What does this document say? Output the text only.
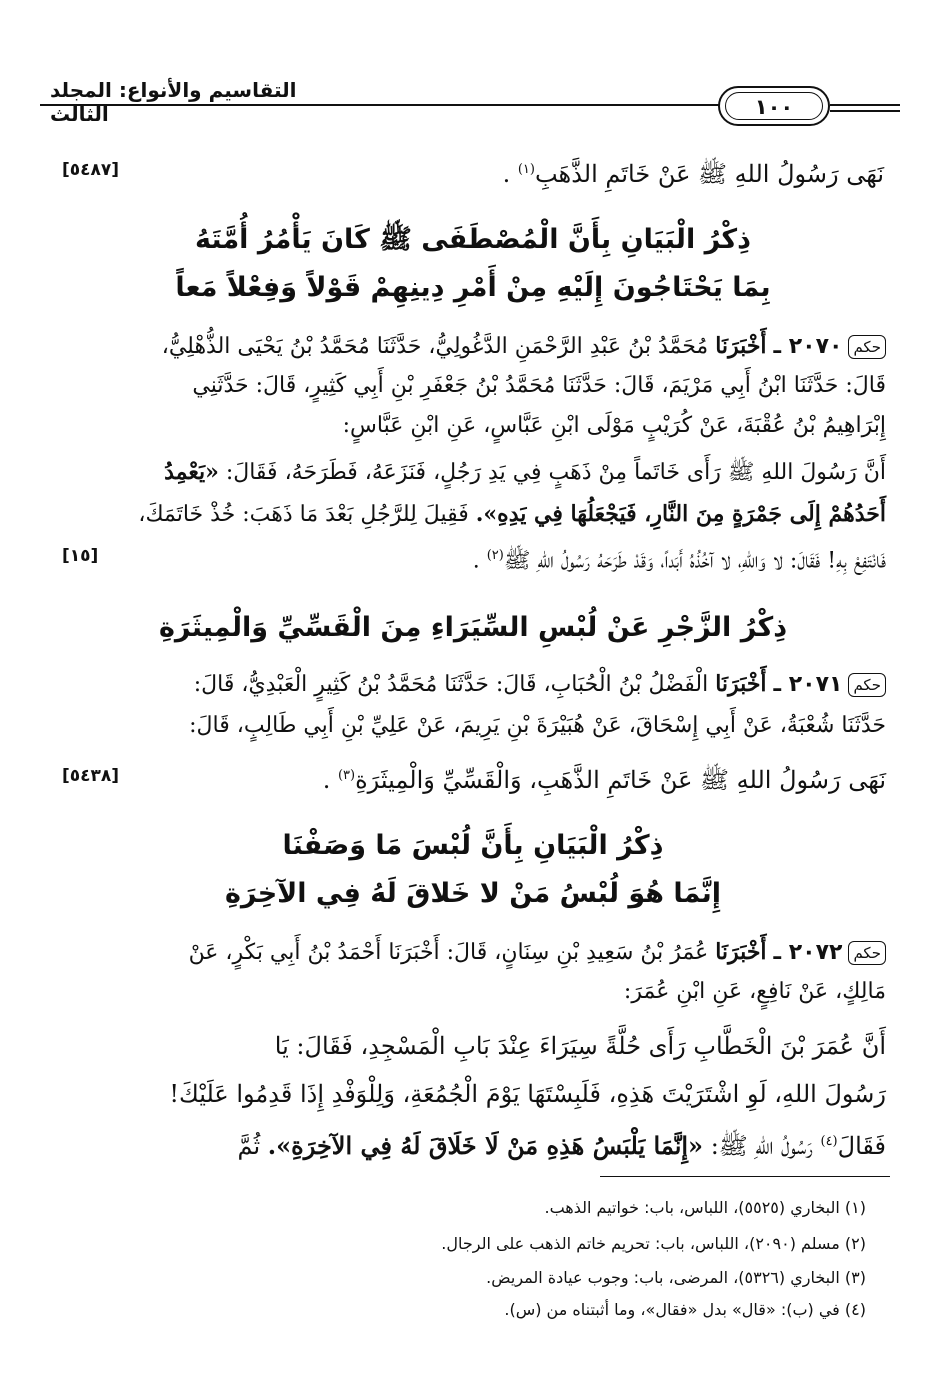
التقاسيم والأنواع: المجلد الثالث	١٠٠
نَهَى رَسُولُ اللهِ ﷺ عَنْ خَاتَمِ الذَّهَبِ$^{(١)}$ .
[٥٤٨٧]
ذِكْرُ الْبَيَانِ بِأَنَّ الْمُصْطَفَى ﷺ كَانَ يَأْمُرُ أُمَّتَهُ
بِمَا يَحْتَاجُونَ إِلَيْهِ مِنْ أَمْرِ دِينِهِمْ قَوْلاً وَفِعْلاً مَعاً
حكم٢٠٧٠ ـ أَخْبَرَنَا مُحَمَّدُ بْنُ عَبْدِ الرَّحْمَنِ الدَّغُولِيُّ، حَدَّثَنَا مُحَمَّدُ بْنُ يَحْيَى الذُّهْلِيُّ،
قَالَ: حَدَّثَنَا ابْنُ أَبِي مَرْيَمَ، قَالَ: حَدَّثَنَا مُحَمَّدُ بْنُ جَعْفَرِ بْنِ أَبِي كَثِيرٍ، قَالَ: حَدَّثَنِي
إِبْرَاهِيمُ بْنُ عُقْبَةَ، عَنْ كُرَيْبٍ مَوْلَى ابْنِ عَبَّاسٍ، عَنِ ابْنِ عَبَّاسٍ:
أَنَّ رَسُولَ اللهِ ﷺ رَأَى خَاتَماً مِنْ ذَهَبٍ فِي يَدِ رَجُلٍ، فَنَزَعَهُ، فَطَرَحَهُ، فَقَالَ: «يَعْمِدُ
أَحَدُهُمْ إِلَى جَمْرَةٍ مِنَ النَّارِ، فَيَجْعَلُهَا فِي يَدِهِ». فَقِيلَ لِلرَّجُلِ بَعْدَ مَا ذَهَبَ: خُذْ خَاتَمَكَ،
فَانْتَفِعْ بِهِ! فَقَالَ: لا وَاللهِ، لا آخُذُهُ أَبَداً، وَقَدْ طَرَحَهُ رَسُولُ اللهِ ﷺ$^{(٢)}$ .
[١٥]
ذِكْرُ الزَّجْرِ عَنْ لُبْسِ السِّيَرَاءِ مِنَ الْقَسِّيِّ وَالْمِيثَرَةِ
حكم٢٠٧١ ـ أَخْبَرَنَا الْفَضْلُ بْنُ الْحُبَابِ، قَالَ: حَدَّثَنَا مُحَمَّدُ بْنُ كَثِيرٍ الْعَبْدِيُّ، قَالَ:
حَدَّثَنَا شُعْبَةُ، عَنْ أَبِي إِسْحَاقَ، عَنْ هُبَيْرَةَ بْنِ يَرِيمَ، عَنْ عَلِيِّ بْنِ أَبِي طَالِبٍ، قَالَ:
نَهَى رَسُولُ اللهِ ﷺ عَنْ خَاتَمِ الذَّهَبِ، وَالْقَسِّيِّ وَالْمِيثَرَةِ$^{(٣)}$ .
[٥٤٣٨]
ذِكْرُ الْبَيَانِ بِأَنَّ لُبْسَ مَا وَصَفْنَا
إِنَّمَا هُوَ لُبْسُ مَنْ لا خَلاقَ لَهُ فِي الآخِرَةِ
حكم٢٠٧٢ ـ أَخْبَرَنَا عُمَرُ بْنُ سَعِيدِ بْنِ سِنَانٍ، قَالَ: أَخْبَرَنَا أَحْمَدُ بْنُ أَبِي بَكْرٍ، عَنْ
مَالِكٍ، عَنْ نَافِعٍ، عَنِ ابْنِ عُمَرَ:
أَنَّ عُمَرَ بْنَ الْخَطَّابِ رَأَى حُلَّةً سِيَرَاءَ عِنْدَ بَابِ الْمَسْجِدِ، فَقَالَ: يَا
رَسُولَ اللهِ، لَوِ اشْتَرَيْتَ هَذِهِ، فَلَبِسْتَهَا يَوْمَ الْجُمُعَةِ، وَلِلْوَفْدِ إِذَا قَدِمُوا عَلَيْكَ!
فَقَالَ$^{(٤)}$ رَسُولُ اللهِ ﷺ: «إِنَّمَا يَلْبَسُ هَذِهِ مَنْ لَا خَلَاقَ لَهُ فِي الآخِرَةِ». ثُمَّ
(١) البخاري (٥٥٢٥)، اللباس، باب: خواتيم الذهب.
(٢) مسلم (٢٠٩٠)، اللباس، باب: تحريم خاتم الذهب على الرجال.
(٣) البخاري (٥٣٢٦)، المرضى، باب: وجوب عيادة المريض.
(٤) في (ب): «قال» بدل «فقال»، وما أثبتناه من (س).
